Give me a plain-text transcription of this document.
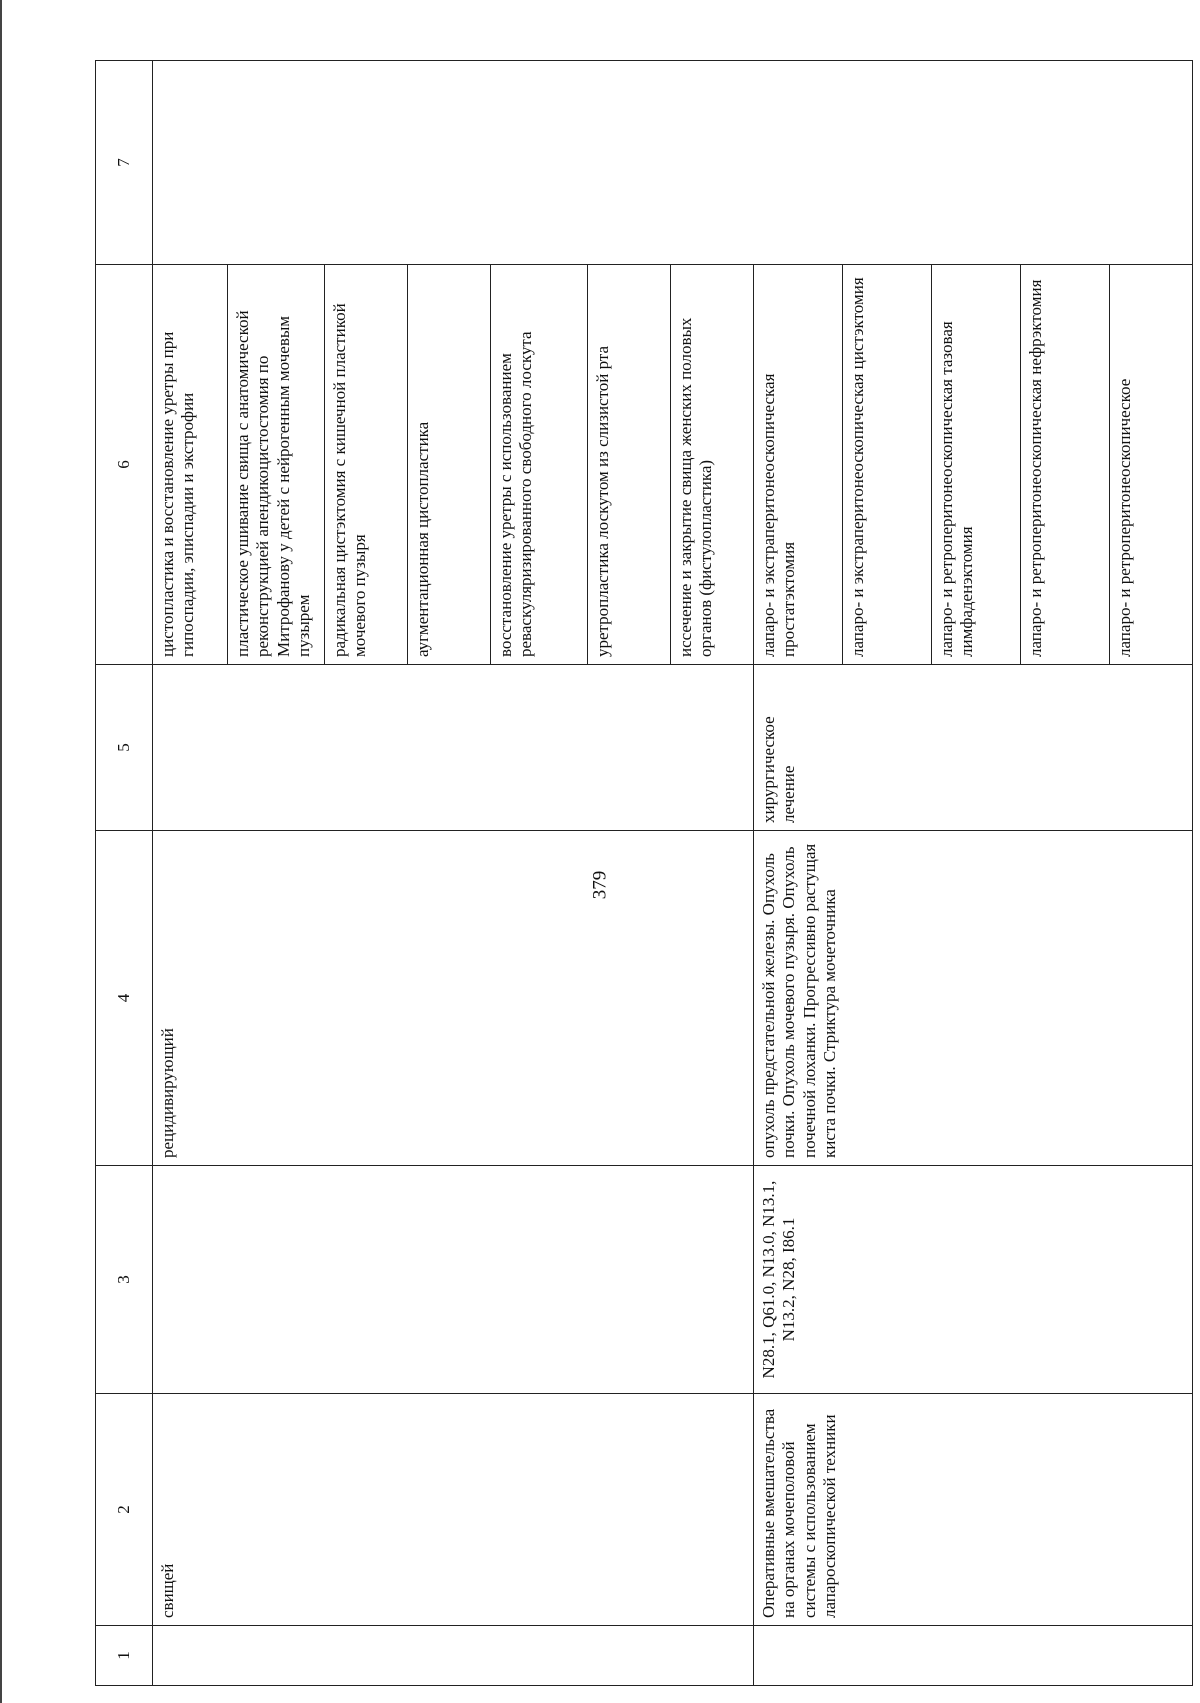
379
1	2	3	4	5	6	7
	свищей		рецидивирующий		цистопластика и восстановление уретры при гипоспадии, эписпадии и экстрофии	
					пластическое ушивание свища с анатомической реконструкцией апендикоцистостомия по Митрофанову у детей с нейрогенным мочевым пузырем	
					радикальная цистэктомия с кишечной пластикой мочевого пузыря	
					аугментационная цистопластика	
					восстановление уретры с использованием реваскуляризированного свободного лоскута	
					уретропластика лоскутом из слизистой рта	
					иссечение и закрытие свища женских половых органов (фистулопластика)	
	Оперативные вмешательства на органах мочеполовой системы с использованием лапароскопической техники	N28.1, Q61.0, N13.0, N13.1, N13.2, N28, I86.1	опухоль предстательной железы. Опухоль почки. Опухоль мочевого пузыря. Опухоль почечной лоханки. Прогрессивно растущая киста почки. Стриктура мочеточника	хирургическое лечение	лапаро- и экстраперитонеоскопическая простатэктомия	
					лапаро- и экстраперитонеоскопическая цистэктомия	
					лапаро- и ретроперитонеоскопическая тазовая лимфаденэктомия	
					лапаро- и ретроперитонеоскопическая нефрэктомия	
					лапаро- и ретроперитонеоскопическое	
